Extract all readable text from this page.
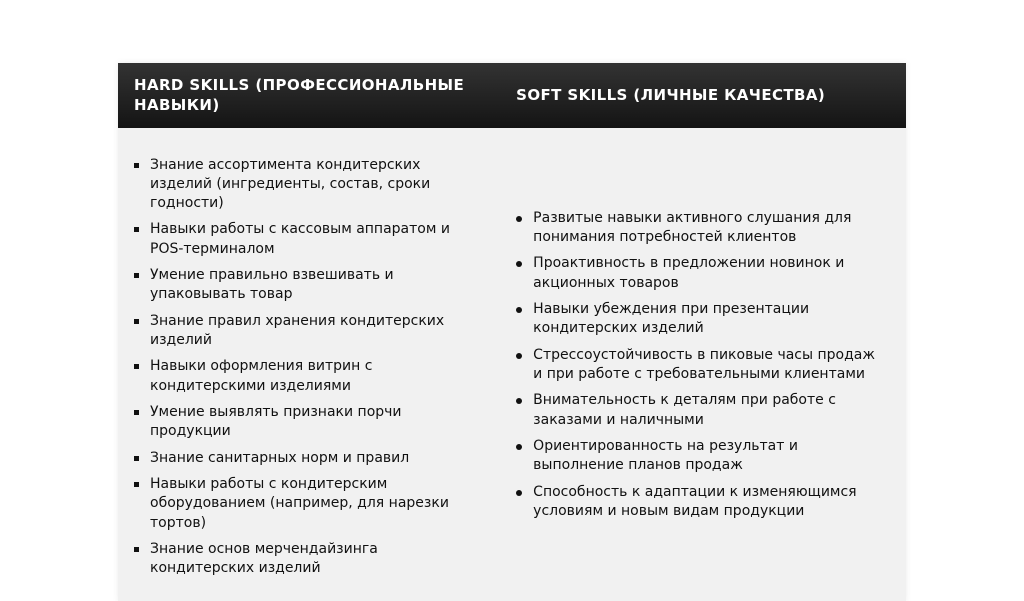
HARD SKILLS (ПРОФЕССИОНАЛЬНЫЕ НАВЫКИ)
SOFT SKILLS (ЛИЧНЫЕ КАЧЕСТВА)
Знание ассортимента кондитерских изделий (ингредиенты, состав, сроки годности)
Навыки работы с кассовым аппаратом и POS-терминалом
Умение правильно взвешивать и упаковывать товар
Знание правил хранения кондитерских изделий
Навыки оформления витрин с кондитерскими изделиями
Умение выявлять признаки порчи продукции
Знание санитарных норм и правил
Навыки работы с кондитерским оборудованием (например, для нарезки тортов)
Знание основ мерчендайзинга кондитерских изделий
Развитые навыки активного слушания для понимания потребностей клиентов
Проактивность в предложении новинок и акционных товаров
Навыки убеждения при презентации кондитерских изделий
Стрессоустойчивость в пиковые часы продаж и при работе с требовательными клиентами
Внимательность к деталям при работе с заказами и наличными
Ориентированность на результат и выполнение планов продаж
Способность к адаптации к изменяющимся условиям и новым видам продукции
